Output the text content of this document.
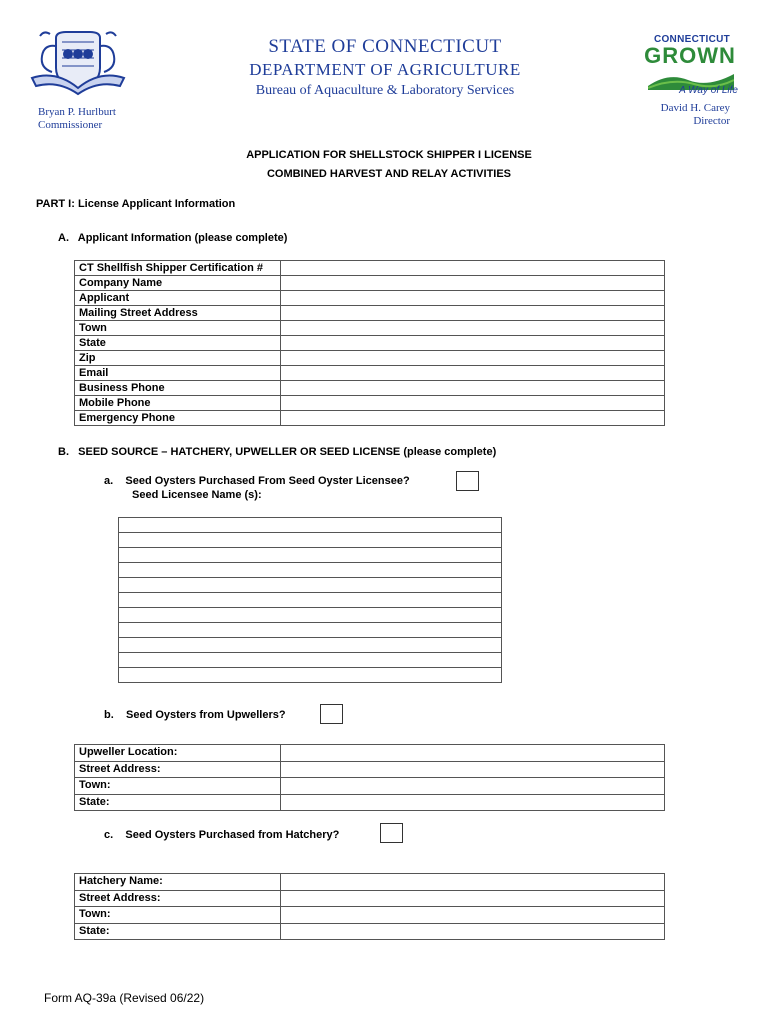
STATE OF CONNECTICUT
DEPARTMENT OF AGRICULTURE
Bureau of Aquaculture & Laboratory Services
Bryan P. Hurlburt
Commissioner
CONNECTICUT
GROWN
A Way of Life
David H. Carey
Director
APPLICATION FOR SHELLSTOCK SHIPPER I LICENSE
COMBINED HARVEST AND RELAY ACTIVITIES
PART I: License Applicant Information
A.   Applicant Information (please complete)
CT Shellfish Shipper Certification #	
Company Name	
Applicant	
Mailing Street Address	
Town	
State	
Zip	
Email	
Business Phone	
Mobile Phone	
Emergency Phone	
B.   SEED SOURCE – HATCHERY, UPWELLER OR SEED LICENSE (please complete)
a.    Seed Oysters Purchased From Seed Oyster Licensee?
Seed Licensee Name (s):

b.    Seed Oysters from Upwellers?
Upweller Location:	
Street Address:	
Town:	
State:	
c.    Seed Oysters Purchased from Hatchery?
Hatchery Name:	
Street Address:	
Town:	
State:	
Form AQ-39a (Revised 06/22)
